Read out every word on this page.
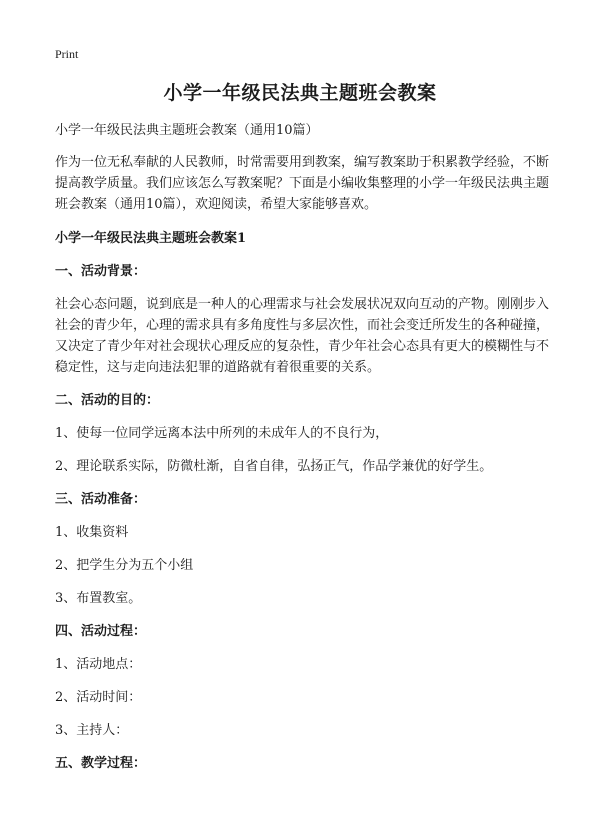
Print
小学一年级民法典主题班会教案

小学一年级民法典主题班会教案（通用10篇）

作为一位无私奉献的人民教师，时常需要用到教案，编写教案助于积累教学经验，不断提高教学质量。我们应该怎么写教案呢？下面是小编收集整理的小学一年级民法典主题班会教案（通用10篇），欢迎阅读，希望大家能够喜欢。

小学一年级民法典主题班会教案1

一、活动背景：

社会心态问题，说到底是一种人的心理需求与社会发展状况双向互动的产物。刚刚步入社会的青少年，心理的需求具有多角度性与多层次性，而社会变迁所发生的各种碰撞，又决定了青少年对社会现状心理反应的复杂性，青少年社会心态具有更大的模糊性与不稳定性，这与走向违法犯罪的道路就有着很重要的关系。

二、活动的目的：

1、使每一位同学远离本法中所列的未成年人的不良行为，

2、理论联系实际，防微杜渐，自省自律，弘扬正气，作品学兼优的好学生。

三、活动准备：

1、收集资料

2、把学生分为五个小组

3、布置教室。

四、活动过程：

1、活动地点：

2、活动时间：

3、主持人：

五、教学过程：
